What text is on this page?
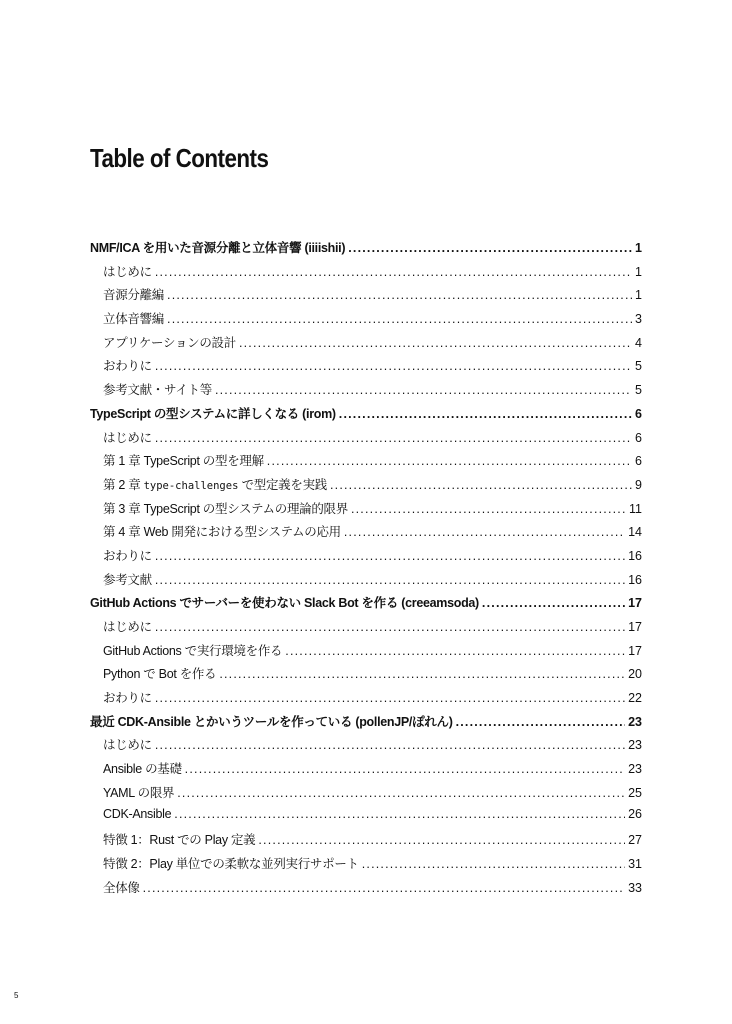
Table of Contents
NMF/ICA を用いた音源分離と立体音響 (iiiishii) .....	1
はじめに .....	1
音源分離編 .....	1
立体音響編 .....	3
アプリケーションの設計 .....	4
おわりに .....	5
参考文献・サイト等 .....	5
TypeScript の型システムに詳しくなる (irom) .....	6
はじめに .....	6
第 1 章 TypeScript の型を理解 .....	6
第 2 章 type-challenges で型定義を実践 .....	9
第 3 章 TypeScript の型システムの理論的限界 .....	11
第 4 章 Web 開発における型システムの応用 .....	14
おわりに .....	16
参考文献 .....	16
GitHub Actions でサーバーを使わない Slack Bot を作る (creeamsoda) .....	17
はじめに .....	17
GitHub Actions で実行環境を作る .....	17
Python で Bot を作る .....	20
おわりに .....	22
最近 CDK-Ansible とかいうツールを作っている (pollenJP/ぽれん) .....	23
はじめに .....	23
Ansible の基礎 .....	23
YAML の限界 .....	25
CDK-Ansible .....	26
特徴 1：Rust での Play 定義 .....	27
特徴 2：Play 単位での柔軟な並列実行サポート .....	31
全体像 .....	33
5
